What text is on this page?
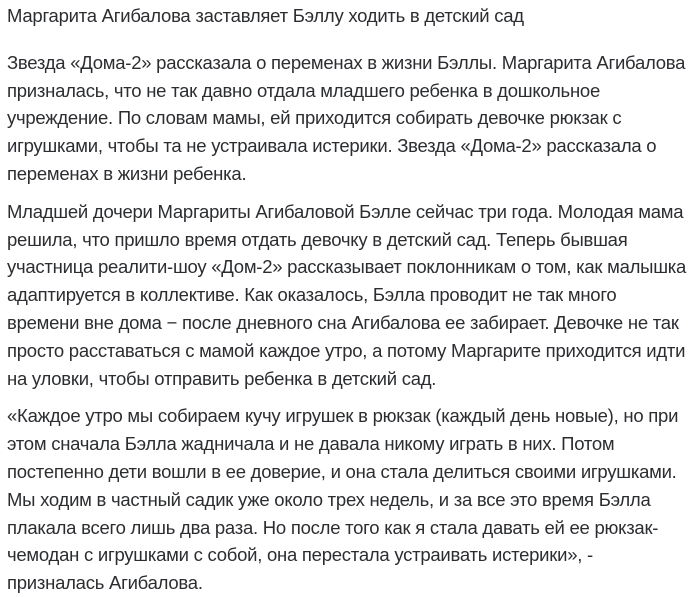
Маргарита Агибалова заставляет Бэллу ходить в детский сад

Звезда «Дома-2» рассказала о переменах в жизни Бэллы. Маргарита Агибалова призналась, что не так давно отдала младшего ребенка в дошкольное учреждение. По словам мамы, ей приходится собирать девочке рюкзак с игрушками, чтобы та не устраивала истерики. Звезда «Дома-2» рассказала о переменах в жизни ребенка.

Младшей дочери Маргариты Агибаловой Бэлле сейчас три года. Молодая мама решила, что пришло время отдать девочку в детский сад. Теперь бывшая участница реалити-шоу «Дом-2» рассказывает поклонникам о том, как малышка адаптируется в коллективе. Как оказалось, Бэлла проводит не так много времени вне дома − после дневного сна Агибалова ее забирает. Девочке не так просто расставаться с мамой каждое утро, а потому Маргарите приходится идти на уловки, чтобы отправить ребенка в детский сад.

«Каждое утро мы собираем кучу игрушек в рюкзак (каждый день новые), но при этом сначала Бэлла жадничала и не давала никому играть в них. Потом постепенно дети вошли в ее доверие, и она стала делиться своими игрушками. Мы ходим в частный садик уже около трех недель, и за все это время Бэлла плакала всего лишь два раза. Но после того как я стала давать ей ее рюкзак-чемодан с игрушками с собой, она перестала устраивать истерики», - призналась Агибалова.
